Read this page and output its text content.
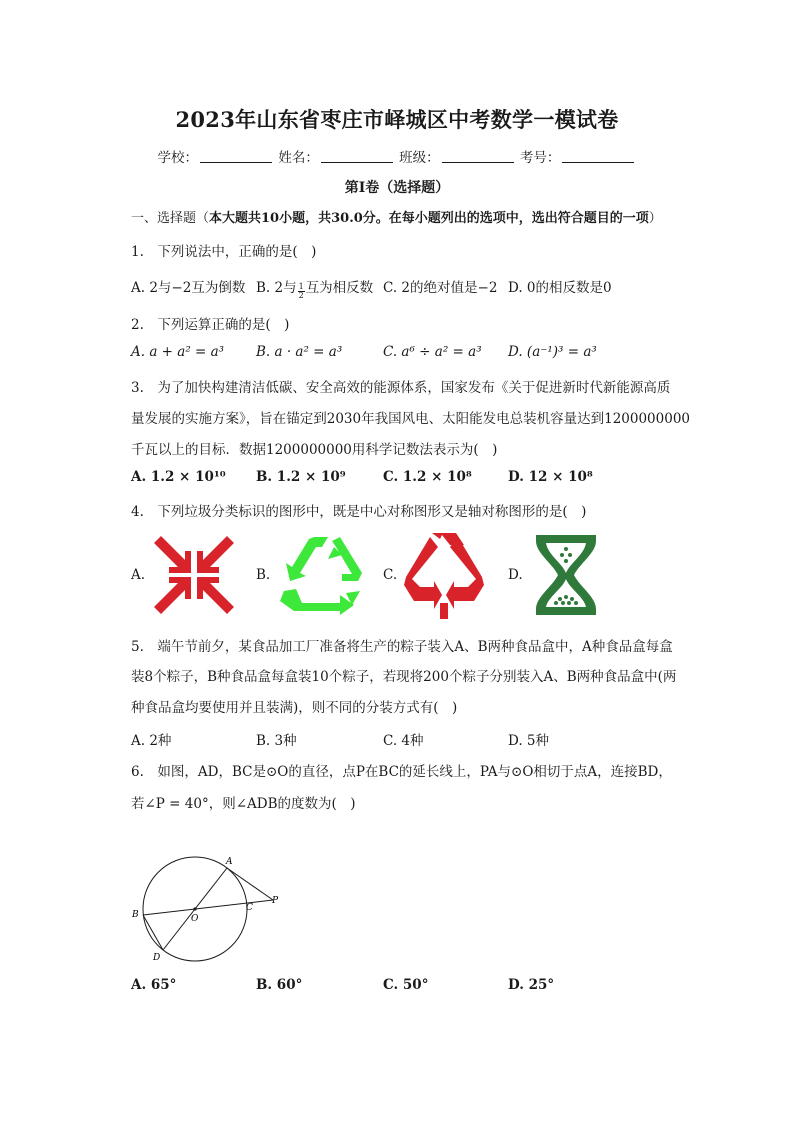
2023年山东省枣庄市峄城区中考数学一模试卷
学校：	姓名：	班级：	考号：
第Ⅰ卷（选择题）
一、选择题（本大题共10小题，共30.0分。在每小题列出的选项中，选出符合题目的一项）
1.　下列说法中，正确的是(　)
A. 2与−2互为倒数 B. 2与 $\frac{1}{2}$ 互为相反数 C. 2的绝对值是−2 D. 0的相反数是0
2.　下列运算正确的是(　)
A. a + a² = a³ B. a · a² = a³	C. a⁶ ÷ a² = a³ D. (a⁻¹)³ = a³
3.　为了加快构建清洁低碳、安全高效的能源体系，国家发布《关于促进新时代新能源高质
量发展的实施方案》，旨在锚定到2030年我国风电、太阳能发电总装机容量达到1200000000
千瓦以上的目标．数据1200000000用科学记数法表示为(　)
A. 1.2 × 10¹⁰ B. 1.2 × 10⁹	C. 1.2 × 10⁸	D. 12 × 10⁸
4.　下列垃圾分类标识的图形中，既是中心对称图形又是轴对称图形的是(　)
A.	B.	C.	D.
5.　端午节前夕，某食品加工厂准备将生产的粽子装入A、B两种食品盒中，A种食品盒每盒
装8个粽子，B种食品盒每盒装10个粽子，若现将200个粽子分别装入A、B两种食品盒中(两
种食品盒均要使用并且装满)，则不同的分装方式有(　)
A. 2种	B. 3种	C. 4种	D. 5种
6.　如图，AD，BC是⊙O的直径，点P在BC的延长线上，PA与⊙O相切于点A，连接BD，
若∠P = 40°，则∠ADB的度数为(　)
A
B
C
D
O
P
A. 65°	B. 60°	C. 50°	D. 25°
